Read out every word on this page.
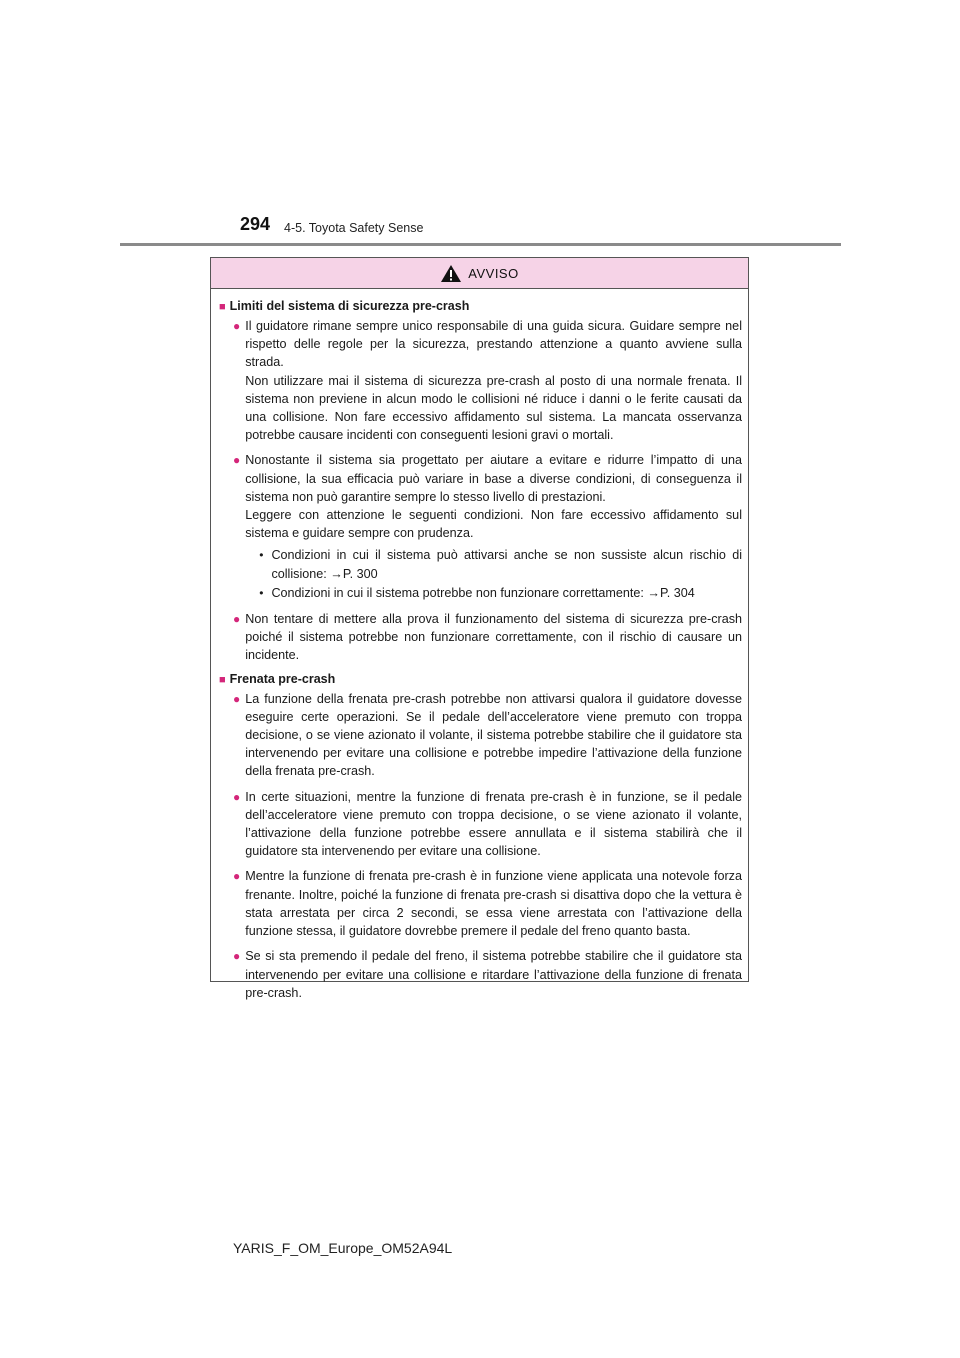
294 4-5. Toyota Safety Sense
AVVISO
■ Limiti del sistema di sicurezza pre-crash
● Il guidatore rimane sempre unico responsabile di una guida sicura. Guidare sempre nel rispetto delle regole per la sicurezza, prestando attenzione a quanto avviene sulla strada.

Non utilizzare mai il sistema di sicurezza pre-crash al posto di una normale frenata. Il sistema non previene in alcun modo le collisioni né riduce i danni o le ferite causati da una collisione. Non fare eccessivo affidamento sul sistema. La mancata osservanza potrebbe causare incidenti con conseguenti lesioni gravi o mortali.

● Nonostante il sistema sia progettato per aiutare a evitare e ridurre l’impatto di una collisione, la sua efficacia può variare in base a diverse condizioni, di conseguenza il sistema non può garantire sempre lo stesso livello di prestazioni.

Leggere con attenzione le seguenti condizioni. Non fare eccessivo affidamento sul sistema e guidare sempre con prudenza.

• Condizioni in cui il sistema può attivarsi anche se non sussiste alcun rischio di collisione: →P. 300

• Condizioni in cui il sistema potrebbe non funzionare correttamente: →P. 304

● Non tentare di mettere alla prova il funzionamento del sistema di sicurezza pre-crash poiché il sistema potrebbe non funzionare correttamente, con il rischio di causare un incidente.

■ Frenata pre-crash
● La funzione della frenata pre-crash potrebbe non attivarsi qualora il guidatore dovesse eseguire certe operazioni. Se il pedale dell’acceleratore viene premuto con troppa decisione, o se viene azionato il volante, il sistema potrebbe stabilire che il guidatore sta intervenendo per evitare una collisione e potrebbe impedire l’attivazione della funzione della frenata pre-crash.

● In certe situazioni, mentre la funzione di frenata pre-crash è in funzione, se il pedale dell’acceleratore viene premuto con troppa decisione, o se viene azionato il volante, l’attivazione della funzione potrebbe essere annullata e il sistema stabilirà che il guidatore sta intervenendo per evitare una collisione.

● Mentre la funzione di frenata pre-crash è in funzione viene applicata una notevole forza frenante. Inoltre, poiché la funzione di frenata pre-crash si disattiva dopo che la vettura è stata arrestata per circa 2 secondi, se essa viene arrestata con l’attivazione della funzione stessa, il guidatore dovrebbe premere il pedale del freno quanto basta.

● Se si sta premendo il pedale del freno, il sistema potrebbe stabilire che il guidatore sta intervenendo per evitare una collisione e ritardare l’attivazione della funzione di frenata pre-crash.

YARIS_F_OM_Europe_OM52A94L
